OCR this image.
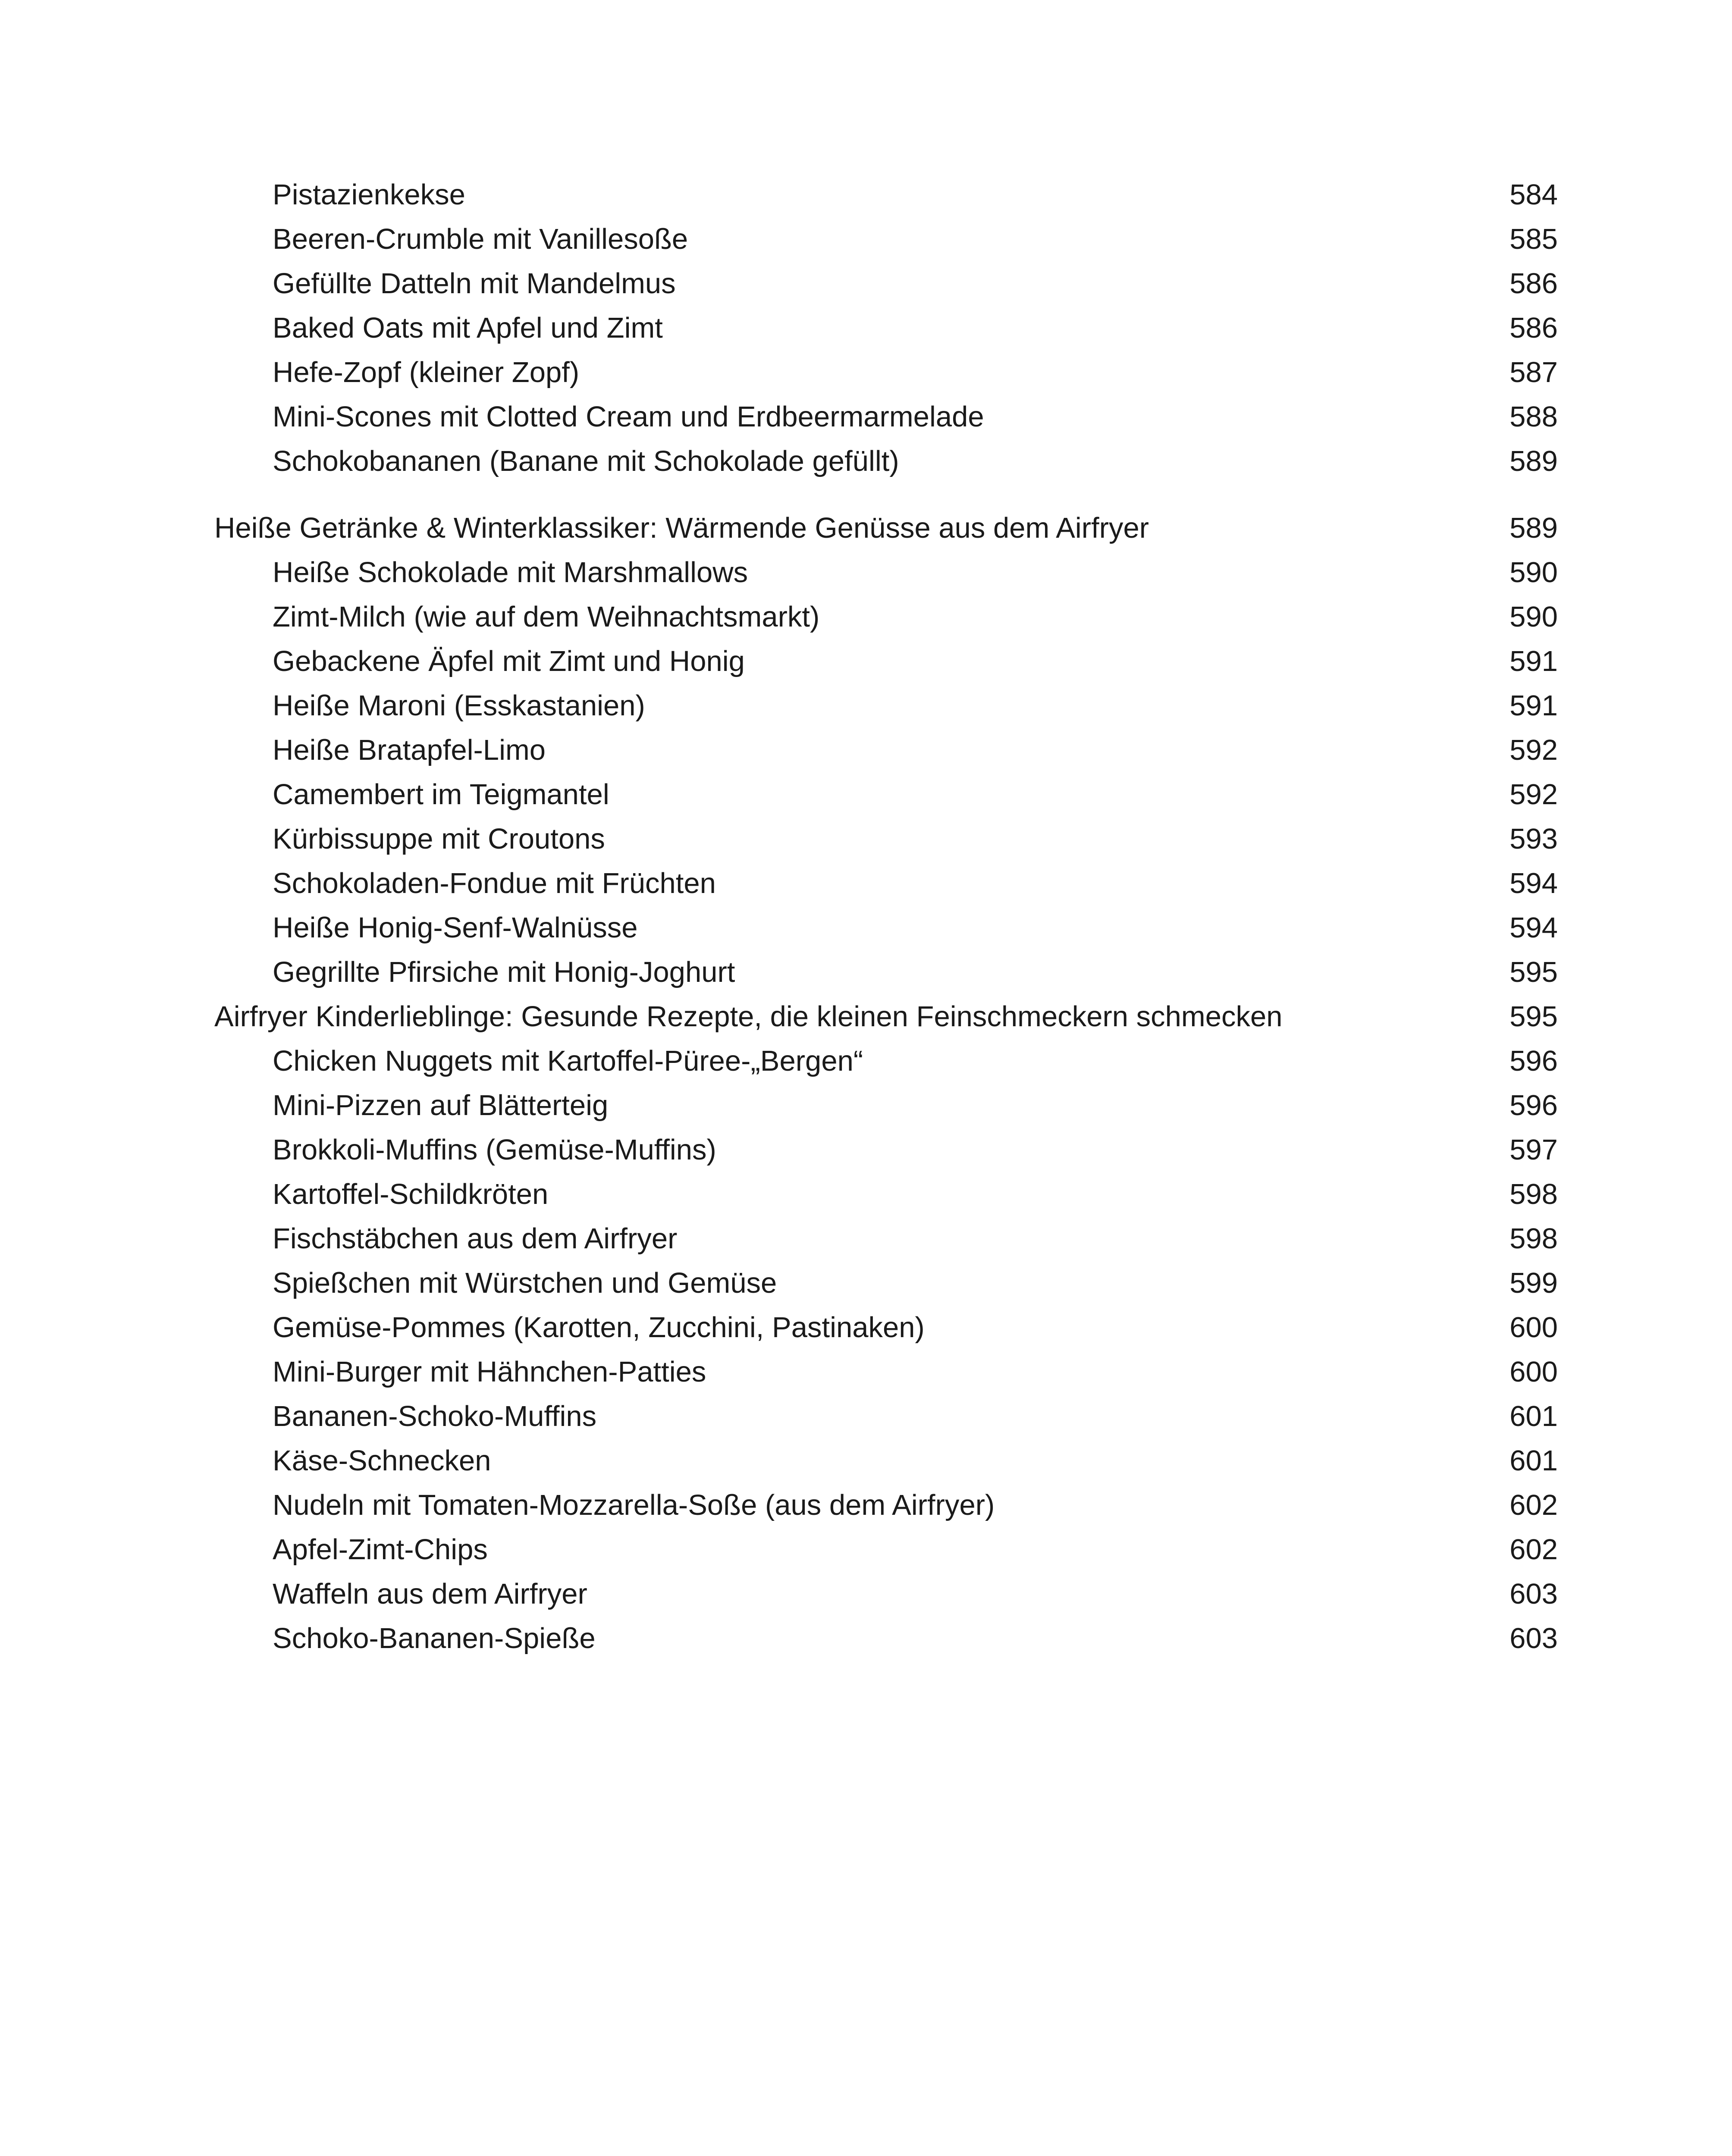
Pistazienkekse	584
Beeren-Crumble mit Vanillesoße	585
Gefüllte Datteln mit Mandelmus	586
Baked Oats mit Apfel und Zimt	586
Hefe-Zopf (kleiner Zopf)	587
Mini-Scones mit Clotted Cream und Erdbeermarmelade	588
Schokobananen (Banane mit Schokolade gefüllt)	589
Heiße Getränke & Winterklassiker: Wärmende Genüsse aus dem Airfryer	589
Heiße Schokolade mit Marshmallows	590
Zimt-Milch (wie auf dem Weihnachtsmarkt)	590
Gebackene Äpfel mit Zimt und Honig	591
Heiße Maroni (Esskastanien)	591
Heiße Bratapfel-Limo	592
Camembert im Teigmantel	592
Kürbissuppe mit Croutons	593
Schokoladen-Fondue mit Früchten	594
Heiße Honig-Senf-Walnüsse	594
Gegrillte Pfirsiche mit Honig-Joghurt	595
Airfryer Kinderlieblinge: Gesunde Rezepte, die kleinen Feinschmeckern schmecken	595
Chicken Nuggets mit Kartoffel-Püree-„Bergen“	596
Mini-Pizzen auf Blätterteig	596
Brokkoli-Muffins (Gemüse-Muffins)	597
Kartoffel-Schildkröten	598
Fischstäbchen aus dem Airfryer	598
Spießchen mit Würstchen und Gemüse	599
Gemüse-Pommes (Karotten, Zucchini, Pastinaken)	600
Mini-Burger mit Hähnchen-Patties	600
Bananen-Schoko-Muffins	601
Käse-Schnecken	601
Nudeln mit Tomaten-Mozzarella-Soße (aus dem Airfryer)	602
Apfel-Zimt-Chips	602
Waffeln aus dem Airfryer	603
Schoko-Bananen-Spieße	603
